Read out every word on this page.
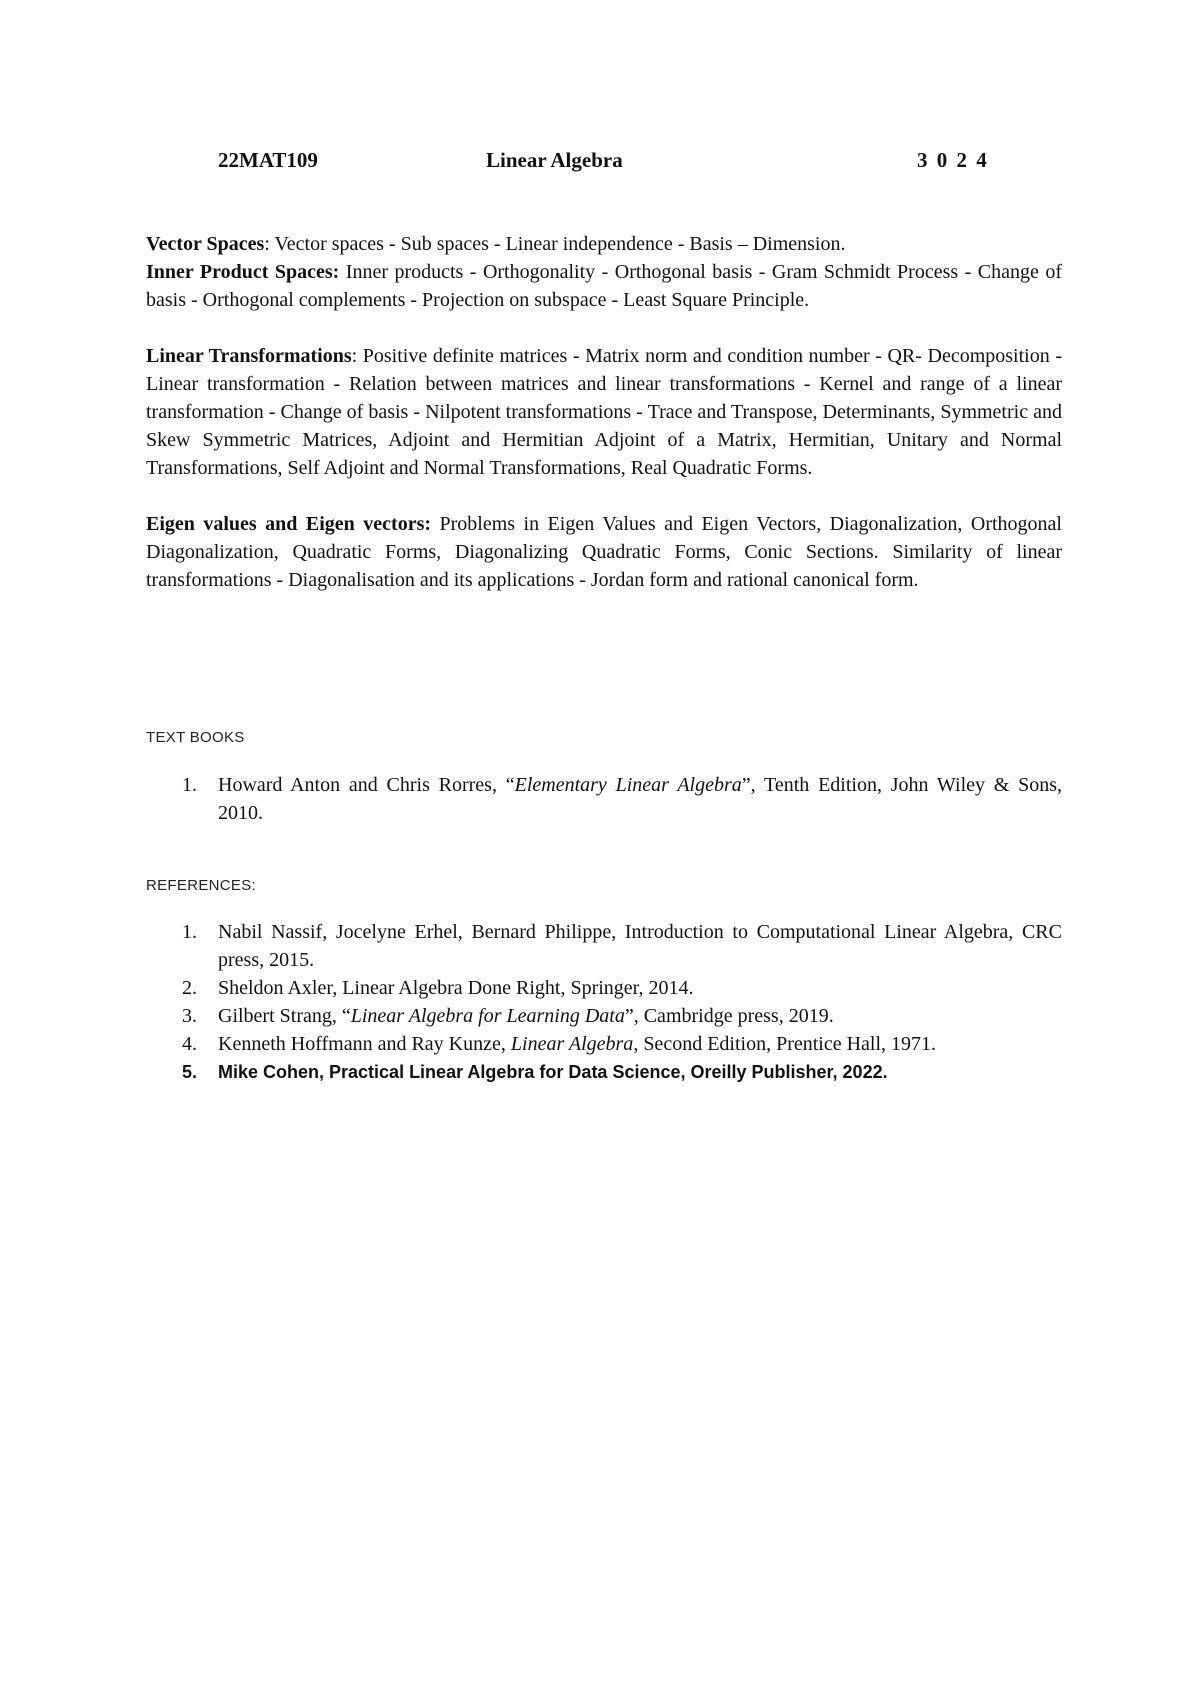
22MAT109	Linear Algebra	3 0 2 4

Vector Spaces: Vector spaces - Sub spaces - Linear independence - Basis – Dimension.

Inner Product Spaces: Inner products - Orthogonality - Orthogonal basis - Gram Schmidt Process - Change of basis - Orthogonal complements - Projection on subspace - Least Square Principle.

Linear Transformations: Positive definite matrices - Matrix norm and condition number - QR- Decomposition - Linear transformation - Relation between matrices and linear transformations - Kernel and range of a linear transformation - Change of basis - Nilpotent transformations - Trace and Transpose, Determinants, Symmetric and Skew Symmetric Matrices, Adjoint and Hermitian Adjoint of a Matrix, Hermitian, Unitary and Normal Transformations, Self Adjoint and Normal Transformations, Real Quadratic Forms.

Eigen values and Eigen vectors: Problems in Eigen Values and Eigen Vectors, Diagonalization, Orthogonal Diagonalization, Quadratic Forms, Diagonalizing Quadratic Forms, Conic Sections. Similarity of linear transformations - Diagonalisation and its applications - Jordan form and rational canonical form.

TEXT BOOKS
1. Howard Anton and Chris Rorres, “Elementary Linear Algebra”, Tenth Edition, John Wiley & Sons, 2010.
REFERENCES:
1. Nabil Nassif, Jocelyne Erhel, Bernard Philippe, Introduction to Computational Linear Algebra, CRC press, 2015.
2. Sheldon Axler, Linear Algebra Done Right, Springer, 2014.
3. Gilbert Strang, “Linear Algebra for Learning Data”, Cambridge press, 2019.
4. Kenneth Hoffmann and Ray Kunze, Linear Algebra, Second Edition, Prentice Hall, 1971.
5. Mike Cohen, Practical Linear Algebra for Data Science, Oreilly Publisher, 2022.
